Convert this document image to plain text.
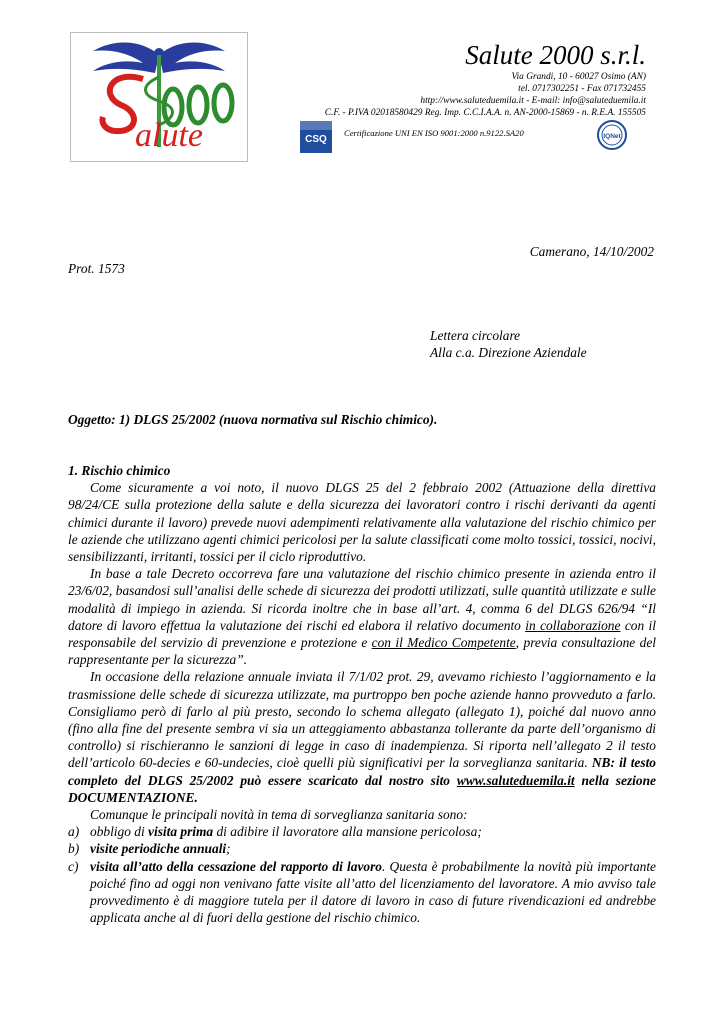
alute
Salute 2000 s.r.l.
Via Grandi, 10 - 60027 Osimo (AN)
tel. 0717302251 - Fax 071732455
http://www.saluteduemila.it - E-mail: info@saluteduemila.it
C.F. - P.IVA 02018580429 Reg. Imp. C.C.I.A.A. n. AN-2000-15869 - n. R.E.A. 155505
CSQ
Certificazione UNI EN ISO 9001:2000 n.9122.SA20	IQNet
Camerano, 14/10/2002
Prot. 1573
Lettera circolare
Alla c.a. Direzione Aziendale
Oggetto: 1) DLGS 25/2002 (nuova normativa sul Rischio chimico).

1. Rischio chimico

Come sicuramente a voi noto, il nuovo DLGS 25 del 2 febbraio 2002 (Attuazione della direttiva 98/24/CE sulla protezione della salute e della sicurezza dei lavoratori contro i rischi derivanti da agenti chimici durante il lavoro) prevede nuovi adempimenti relativamente alla valutazione del rischio chimico per le aziende che utilizzano agenti chimici pericolosi per la salute classificati come molto tossici, tossici, nocivi, sensibilizzanti, irritanti, tossici per il ciclo riproduttivo.

In base a tale Decreto occorreva fare una valutazione del rischio chimico presente in azienda entro il 23/6/02, basandosi sull’analisi delle schede di sicurezza dei prodotti utilizzati, sulle quantità utilizzate e sulle modalità di impiego in azienda. Si ricorda inoltre che in base all’art. 4, comma 6 del DLGS 626/94 “Il datore di lavoro effettua la valutazione dei rischi ed elabora il relativo documento in collaborazione con il responsabile del servizio di prevenzione e protezione e con il Medico Competente, previa consultazione del rappresentante per la sicurezza”.

In occasione della relazione annuale inviata il 7/1/02 prot. 29, avevamo richiesto l’aggiornamento e la trasmissione delle schede di sicurezza utilizzate, ma purtroppo ben poche aziende hanno provveduto a farlo. Consigliamo però di farlo al più presto, secondo lo schema allegato (allegato 1), poiché dal nuovo anno (fino alla fine del presente sembra vi sia un atteggiamento abbastanza tollerante da parte dell’organismo di controllo) si rischieranno le sanzioni di legge in caso di inadempienza. Si riporta nell’allegato 2 il testo dell’articolo 60-decies e 60-undecies, cioè quelli più significativi per la sorveglianza sanitaria. NB: il testo completo del DLGS 25/2002 può essere scaricato dal nostro sito www.saluteduemila.it nella sezione DOCUMENTAZIONE.

Comunque le principali novità in tema di sorveglianza sanitaria sono:

a) obbligo di visita prima di adibire il lavoratore alla mansione pericolosa;
b) visite periodiche annuali;
c) visita all’atto della cessazione del rapporto di lavoro. Questa è probabilmente la novità più importante poiché fino ad oggi non venivano fatte visite all’atto del licenziamento del lavoratore. A mio avviso tale provvedimento è di maggiore tutela per il datore di lavoro in caso di future rivendicazioni ed andrebbe applicata anche al di fuori della gestione del rischio chimico.
